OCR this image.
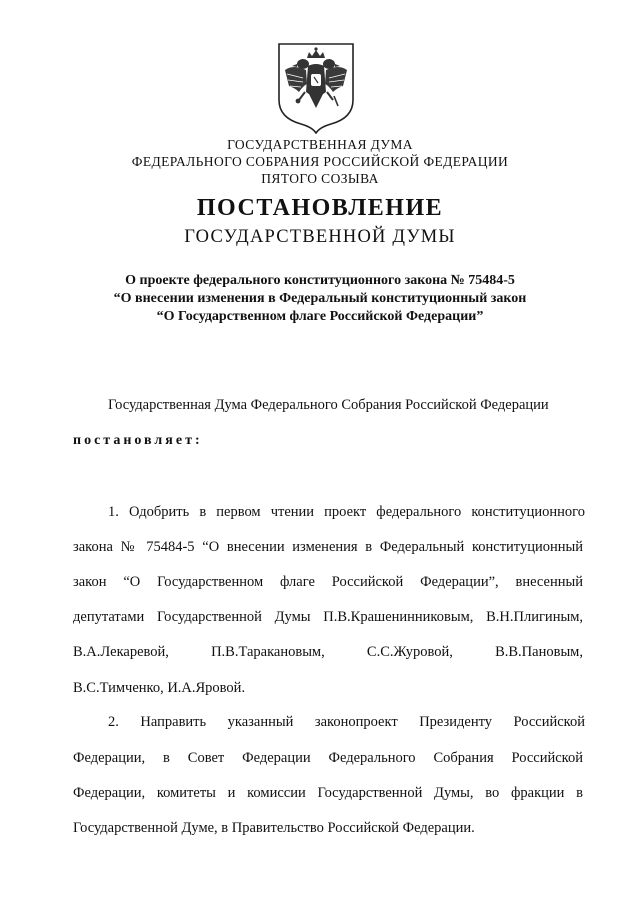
ГОСУДАРСТВЕННАЯ ДУМА
ФЕДЕРАЛЬНОГО СОБРАНИЯ РОССИЙСКОЙ ФЕДЕРАЦИИ
ПЯТОГО СОЗЫВА
ПОСТАНОВЛЕНИЕ
ГОСУДАРСТВЕННОЙ ДУМЫ
О проекте федерального конституционного закона № 75484-5
“О внесении изменения в Федеральный конституционный закон
“О Государственном флаге Российской Федерации”
Государственная Дума Федерального Собрания Российской Федерации
постановляет:
1. Одобрить в первом чтении проект федерального конституционного
закона № 75484-5 “О внесении изменения в Федеральный конституционный
закон “О Государственном флаге Российской Федерации”, внесенный
депутатами Государственной Думы П.В.Крашенинниковым, В.Н.Плигиным,
В.А.Лекаревой, П.В.Таракановым, С.С.Журовой, В.В.Пановым,
В.С.Тимченко, И.А.Яровой.
2. Направить указанный законопроект Президенту Российской
Федерации, в Совет Федерации Федерального Собрания Российской
Федерации, комитеты и комиссии Государственной Думы, во фракции в
Государственной Думе, в Правительство Российской Федерации.
